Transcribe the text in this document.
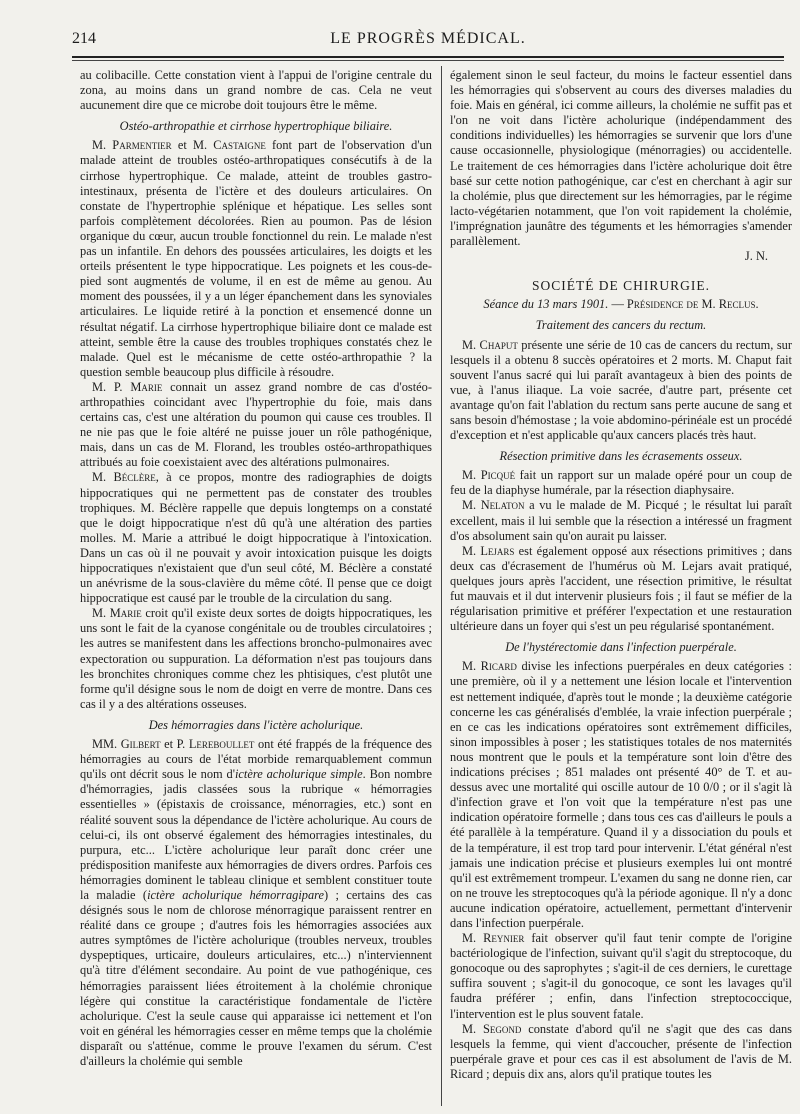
214	LE PROGRÈS MÉDICAL.

au colibacille. Cette constation vient à l'appui de l'origine centrale du zona, au moins dans un grand nombre de cas. Cela ne veut aucunement dire que ce microbe doit toujours être le même.

Ostéo-arthropathie et cirrhose hypertrophique biliaire.

M. Parmentier et M. Castaigne font part de l'observation d'un malade atteint de troubles ostéo-arthropatiques consécutifs à de la cirrhose hypertrophique. Ce malade, atteint de troubles gastro-intestinaux, présenta de l'ictère et des douleurs articulaires. On constate de l'hypertrophie splénique et hépatique. Les selles sont parfois complètement décolorées. Rien au poumon. Pas de lésion organique du cœur, aucun trouble fonctionnel du rein. Le malade n'est pas un infantile. En dehors des poussées articulaires, les doigts et les orteils présentent le type hippocratique. Les poignets et les cous-de-pied sont augmentés de volume, il en est de même au genou. Au moment des poussées, il y a un léger épanchement dans les synoviales articulaires. Le liquide retiré à la ponction et ensemencé donne un résultat négatif. La cirrhose hypertrophique biliaire dont ce malade est atteint, semble être la cause des troubles trophiques constatés chez le malade. Quel est le mécanisme de cette ostéo-arthropathie ? la question semble beaucoup plus difficile à résoudre.

M. P. Marie connait un assez grand nombre de cas d'ostéo-arthropathies coincidant avec l'hypertrophie du foie, mais dans certains cas, c'est une altération du poumon qui cause ces troubles. Il ne nie pas que le foie altéré ne puisse jouer un rôle pathogénique, mais, dans un cas de M. Florand, les troubles ostéo-arthropathiques attribués au foie coexistaient avec des altérations pulmonaires.

M. Béclère, à ce propos, montre des radiographies de doigts hippocratiques qui ne permettent pas de constater des troubles trophiques. M. Béclère rappelle que depuis longtemps on a constaté que le doigt hippocratique n'est dû qu'à une altération des parties molles. M. Marie a attribué le doigt hippocratique à l'intoxication. Dans un cas où il ne pouvait y avoir intoxication puisque les doigts hippocratiques n'existaient que d'un seul côté, M. Béclère a constaté un anévrisme de la sous-clavière du même côté. Il pense que ce doigt hippocratique est causé par le trouble de la circulation du sang.

M. Marie croit qu'il existe deux sortes de doigts hippocratiques, les uns sont le fait de la cyanose congénitale ou de troubles circulatoires ; les autres se manifestent dans les affections broncho-pulmonaires avec expectoration ou suppuration. La déformation n'est pas toujours dans les bronchites chroniques comme chez les phtisiques, c'est plutôt une forme qu'il désigne sous le nom de doigt en verre de montre. Dans ces cas il y a des altérations osseuses.

Des hémorragies dans l'ictère acholurique.

MM. Gilbert et P. Lereboullet ont été frappés de la fréquence des hémorragies au cours de l'état morbide remarquablement commun qu'ils ont décrit sous le nom d'ictère acholurique simple. Bon nombre d'hémorragies, jadis classées sous la rubrique « hémorragies essentielles » (épistaxis de croissance, ménorragies, etc.) sont en réalité souvent sous la dépendance de l'ictère acholurique. Au cours de celui-ci, ils ont observé également des hémorragies intestinales, du purpura, etc... L'ictère acholurique leur paraît donc créer une prédisposition manifeste aux hémorragies de divers ordres. Parfois ces hémorragies dominent le tableau clinique et semblent constituer toute la maladie (ictère acholurique hémorragipare) ; certains des cas désignés sous le nom de chlorose ménorragique paraissent rentrer en réalité dans ce groupe ; d'autres fois les hémorragies associées aux autres symptômes de l'ictère acholurique (troubles nerveux, troubles dyspeptiques, urticaire, douleurs articulaires, etc...) n'interviennent qu'à titre d'élément secondaire. Au point de vue pathogénique, ces hémorragies paraissent liées étroitement à la cholémie chronique légère qui constitue la caractéristique fondamentale de l'ictère acholurique. C'est la seule cause qui apparaisse ici nettement et l'on voit en général les hémorragies cesser en même temps que la cholémie disparaît ou s'atténue, comme le prouve l'examen du sérum. C'est d'ailleurs la cholémie qui semble

également sinon le seul facteur, du moins le facteur essentiel dans les hémorragies qui s'observent au cours des diverses maladies du foie. Mais en général, ici comme ailleurs, la cholémie ne suffit pas et l'on ne voit dans l'ictère acholurique (indépendamment des conditions individuelles) les hémorragies se survenir que lors d'une cause occasionnelle, physiologique (ménorragies) ou accidentelle. Le traitement de ces hémorragies dans l'ictère acholurique doit être basé sur cette notion pathogénique, car c'est en cherchant à agir sur la cholémie, plus que directement sur les hémorragies, par le régime lacto-végétarien notamment, que l'on voit rapidement la cholémie, l'imprégnation jaunâtre des téguments et les hémorragies s'amender parallèlement.

J. N.

SOCIÉTÉ DE CHIRURGIE.

Séance du 13 mars 1901. — Présidence de M. Reclus.

Traitement des cancers du rectum.

M. Chaput présente une série de 10 cas de cancers du rectum, sur lesquels il a obtenu 8 succès opératoires et 2 morts. M. Chaput fait souvent l'anus sacré qui lui paraît avantageux à bien des points de vue, à l'anus iliaque. La voie sacrée, d'autre part, présente cet avantage qu'on fait l'ablation du rectum sans perte aucune de sang et sans besoin d'hémostase ; la voie abdomino-périnéale est un procédé d'exception et n'est applicable qu'aux cancers placés très haut.

Résection primitive dans les écrasements osseux.

M. Picqué fait un rapport sur un malade opéré pour un coup de feu de la diaphyse humérale, par la résection diaphysaire.

M. Nelaton a vu le malade de M. Picqué ; le résultat lui paraît excellent, mais il lui semble que la résection a intéressé un fragment d'os absolument sain qu'on aurait pu laisser.

M. Lejars est également opposé aux résections primitives ; dans deux cas d'écrasement de l'humérus où M. Lejars avait pratiqué, quelques jours après l'accident, une résection primitive, le résultat fut mauvais et il dut intervenir plusieurs fois ; il faut se méfier de la régularisation primitive et préférer l'expectation et une restauration ultérieure dans un foyer qui s'est un peu régularisé spontanément.

De l'hystérectomie dans l'infection puerpérale.

M. Ricard divise les infections puerpérales en deux catégories : une première, où il y a nettement une lésion locale et l'intervention est nettement indiquée, d'après tout le monde ; la deuxième catégorie concerne les cas généralisés d'emblée, la vraie infection puerpérale ; en ce cas les indications opératoires sont extrêmement difficiles, sinon impossibles à poser ; les statistiques totales de nos maternités nous montrent que le pouls et la température sont loin d'être des indications précises ; 851 malades ont présenté 40° de T. et au-dessus avec une mortalité qui oscille autour de 10 0/0 ; or il s'agit là d'infection grave et l'on voit que la température n'est pas une indication opératoire formelle ; dans tous ces cas d'ailleurs le pouls a été parallèle à la température. Quand il y a dissociation du pouls et de la température, il est trop tard pour intervenir. L'état général n'est jamais une indication précise et plusieurs exemples lui ont montré qu'il est extrêmement trompeur. L'examen du sang ne donne rien, car on ne trouve les streptocoques qu'à la période agonique. Il n'y a donc aucune indication opératoire, actuellement, permettant d'intervenir dans l'infection puerpérale.

M. Reynier fait observer qu'il faut tenir compte de l'origine bactériologique de l'infection, suivant qu'il s'agit du streptocoque, du gonocoque ou des saprophytes ; s'agit-il de ces derniers, le curettage suffira souvent ; s'agit-il du gonocoque, ce sont les lavages qu'il faudra préférer ; enfin, dans l'infection streptococcique, l'intervention est le plus souvent fatale.

M. Segond constate d'abord qu'il ne s'agit que des cas dans lesquels la femme, qui vient d'accoucher, présente de l'infection puerpérale grave et pour ces cas il est absolument de l'avis de M. Ricard ; depuis dix ans, alors qu'il pratique toutes les
